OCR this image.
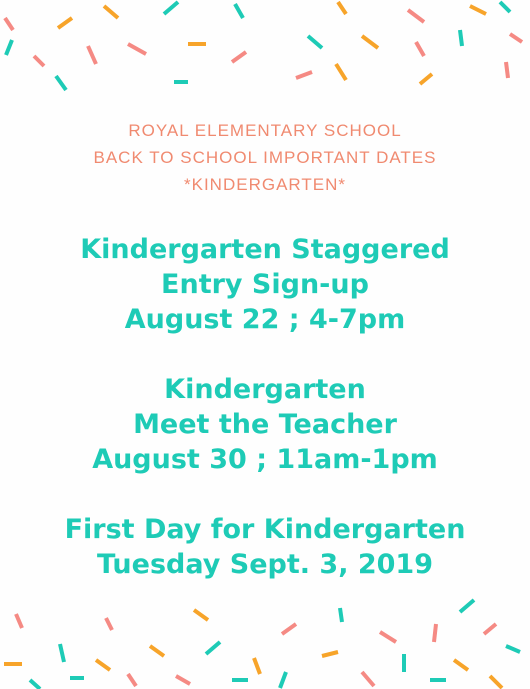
ROYAL ELEMENTARY SCHOOL
BACK TO SCHOOL IMPORTANT DATES
*KINDERGARTEN*
Kindergarten Staggered
Entry Sign-up
August 22 ; 4-7pm
Kindergarten
Meet the Teacher
August 30 ; 11am-1pm
First Day for Kindergarten
Tuesday Sept. 3, 2019
